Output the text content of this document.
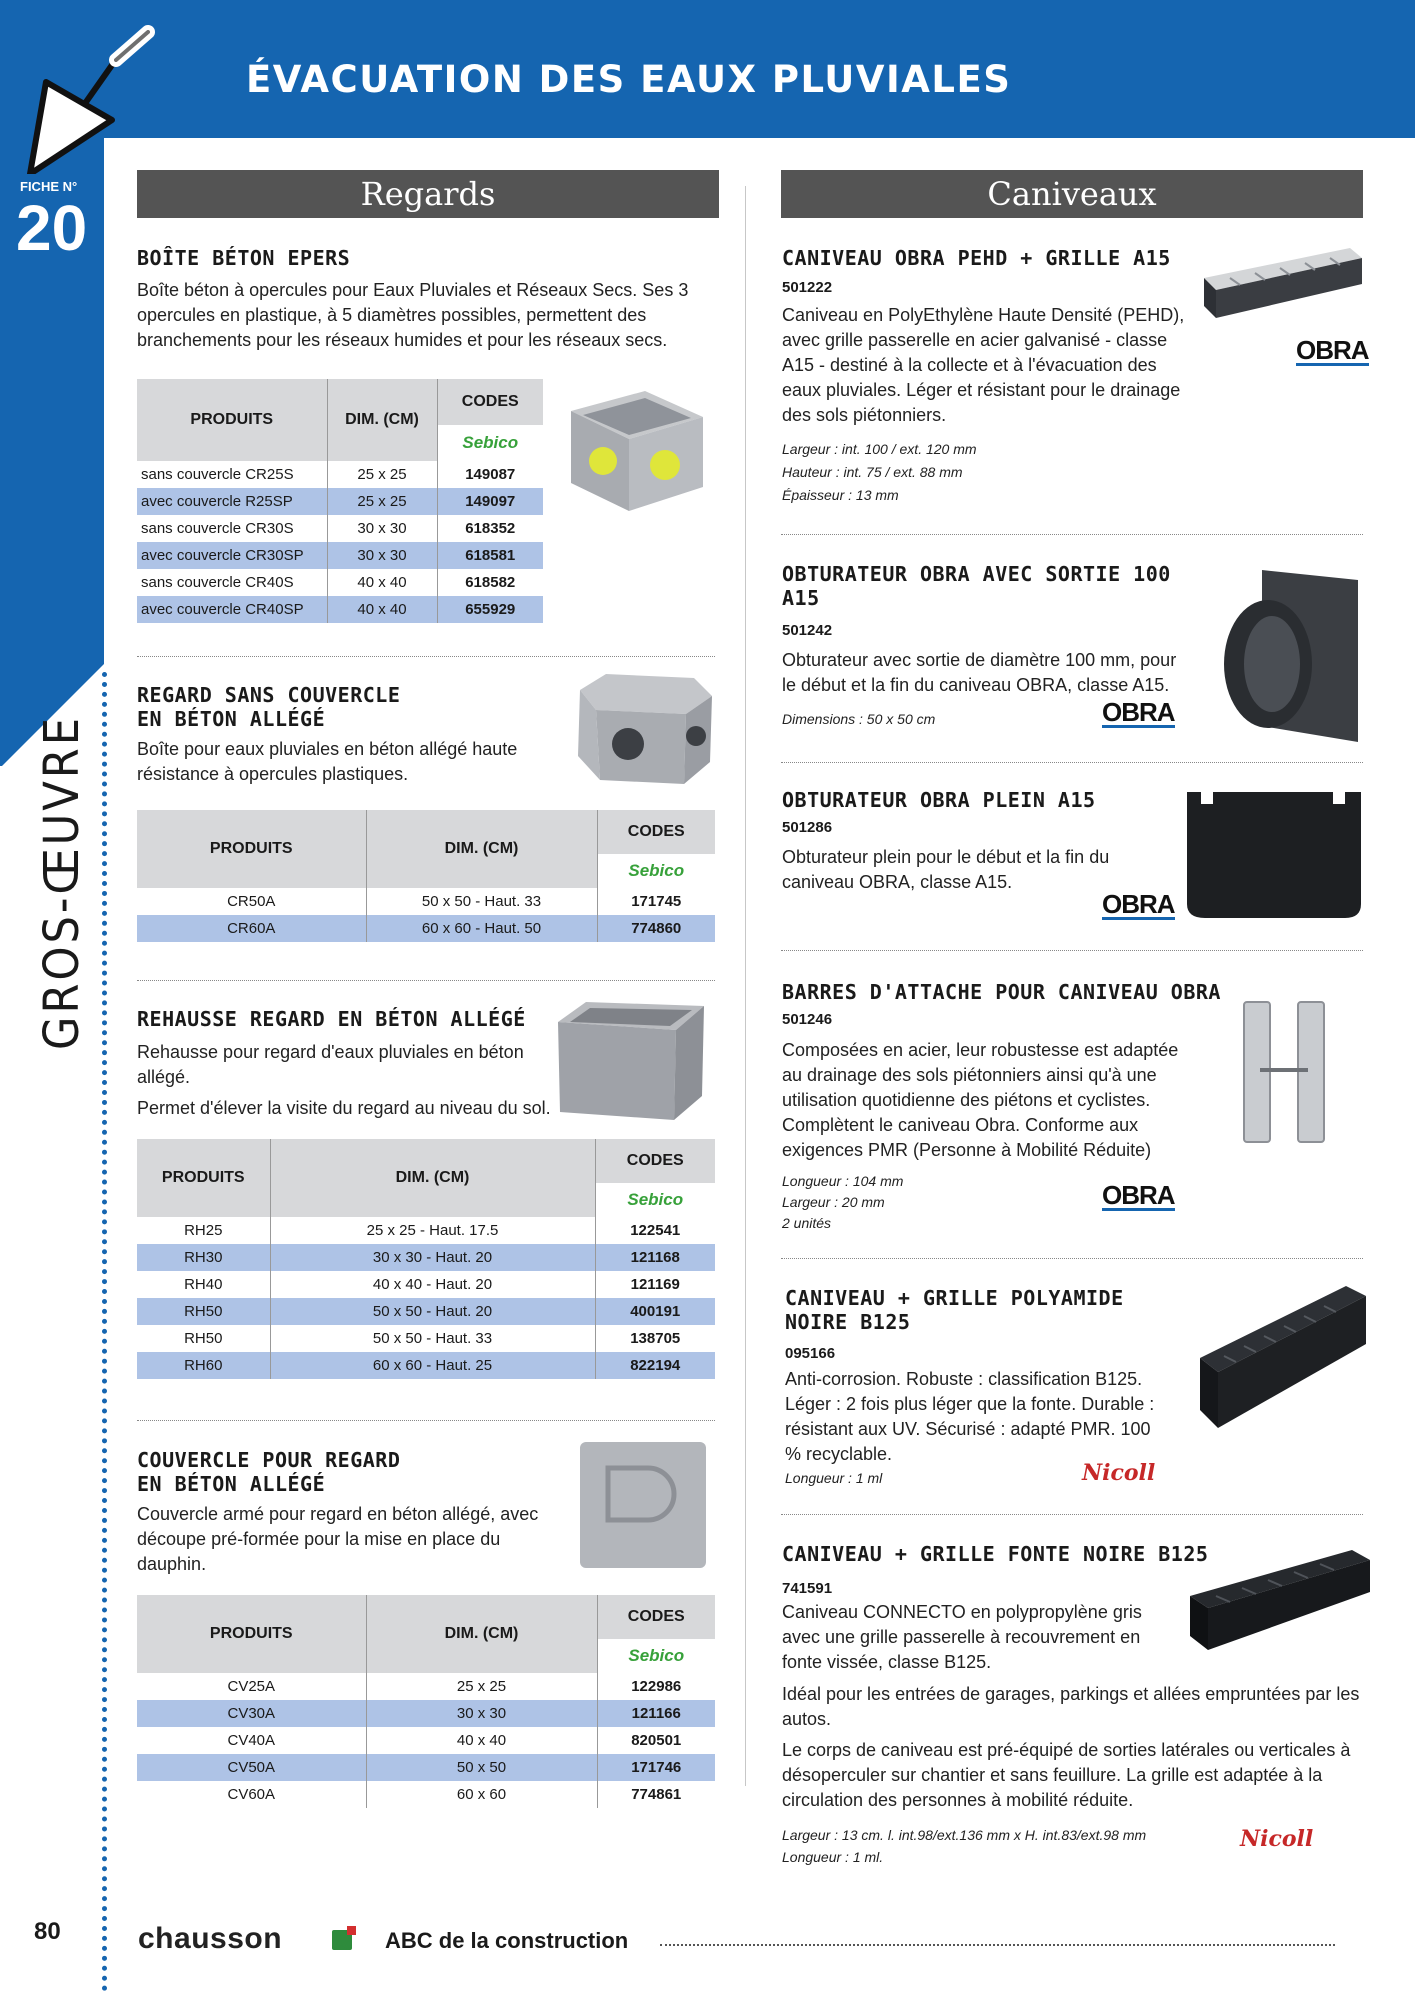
ÉVACUATION DES EAUX PLUVIALES
FICHE N°
20
GROS-ŒUVRE
Regards
BOÎTE BÉTON EPERS
Boîte béton à opercules pour Eaux Pluviales et Réseaux Secs. Ses 3 opercules en plastique, à 5 diamètres possibles, permettent des branchements pour les réseaux humides et pour les réseaux secs.
PRODUITS	DIM. (CM)	CODES
Sebico

sans couvercle CR25S	25 x 25	149087
avec couvercle R25SP	25 x 25	149097
sans couvercle CR30S	30 x 30	618352
avec couvercle CR30SP	30 x 30	618581
sans couvercle CR40S	40 x 40	618582
avec couvercle CR40SP	40 x 40	655929
REGARD SANS COUVERCLE EN BÉTON ALLÉGÉ
Boîte pour eaux pluviales en béton allégé haute résistance à opercules plastiques.
PRODUITS	DIM. (CM)	CODES
Sebico

CR50A	50 x 50 - Haut. 33	171745
CR60A	60 x 60 - Haut. 50	774860
REHAUSSE REGARD EN BÉTON ALLÉGÉ
Rehausse pour regard d'eaux pluviales en béton allégé.
Permet d'élever la visite du regard au niveau du sol.
PRODUITS	DIM. (CM)	CODES
Sebico

RH25	25 x 25 - Haut. 17.5	122541
RH30	30 x 30 - Haut. 20	121168
RH40	40 x 40 - Haut. 20	121169
RH50	50 x 50 - Haut. 20	400191
RH50	50 x 50 - Haut. 33	138705
RH60	60 x 60 - Haut. 25	822194
COUVERCLE POUR REGARD EN BÉTON ALLÉGÉ
Couvercle armé pour regard en béton allégé, avec découpe pré-formée pour la mise en place du dauphin.
PRODUITS	DIM. (CM)	CODES
Sebico

CV25A	25 x 25	122986
CV30A	30 x 30	121166
CV40A	40 x 40	820501
CV50A	50 x 50	171746
CV60A	60 x 60	774861
Caniveaux
CANIVEAU OBRA PEHD + GRILLE A15
501222
Caniveau en PolyEthylène Haute Densité (PEHD), avec grille passerelle en acier galvanisé - classe A15 - destiné à la collecte et à l'évacuation des eaux pluviales. Léger et résistant pour le drainage des sols piétonniers.
Largeur : int. 100 / ext. 120 mm
Hauteur : int. 75 / ext. 88 mm
Épaisseur : 13 mm
OBRA
OBTURATEUR OBRA AVEC SORTIE 100 A15
501242
Obturateur avec sortie de diamètre 100 mm, pour le début et la fin du caniveau OBRA, classe A15.
Dimensions : 50 x 50 cm	OBRA
OBTURATEUR OBRA PLEIN A15
501286
Obturateur plein pour le début et la fin du caniveau OBRA, classe A15.
OBRA
BARRES D'ATTACHE POUR CANIVEAU OBRA
501246
Composées en acier, leur robustesse est adaptée au drainage des sols piétonniers ainsi qu'à une utilisation quotidienne des piétons et cyclistes. Complètent le caniveau Obra. Conforme aux exigences PMR (Personne à Mobilité Réduite)
Longueur : 104 mm
Largeur : 20 mm
2 unités
OBRA
CANIVEAU + GRILLE POLYAMIDE NOIRE B125
095166
Anti-corrosion. Robuste : classification B125. Léger : 2 fois plus léger que la fonte. Durable : résistant aux UV. Sécurisé : adapté PMR. 100 % recyclable.
Longueur : 1 ml	Nicoll
CANIVEAU + GRILLE FONTE NOIRE B125
741591
Caniveau CONNECTO en polypropylène gris avec une grille passerelle à recouvrement en fonte vissée, classe B125.
Idéal pour les entrées de garages, parkings et allées empruntées par les autos.
Le corps de caniveau est pré-équipé de sorties latérales ou verticales à désoperculer sur chantier et sans feuillure. La grille est adaptée à la circulation des personnes à mobilité réduite.
Largeur : 13 cm. l. int.98/ext.136 mm x H. int.83/ext.98 mm
Longueur : 1 ml.
Nicoll
80	chausson	ABC de la construction
